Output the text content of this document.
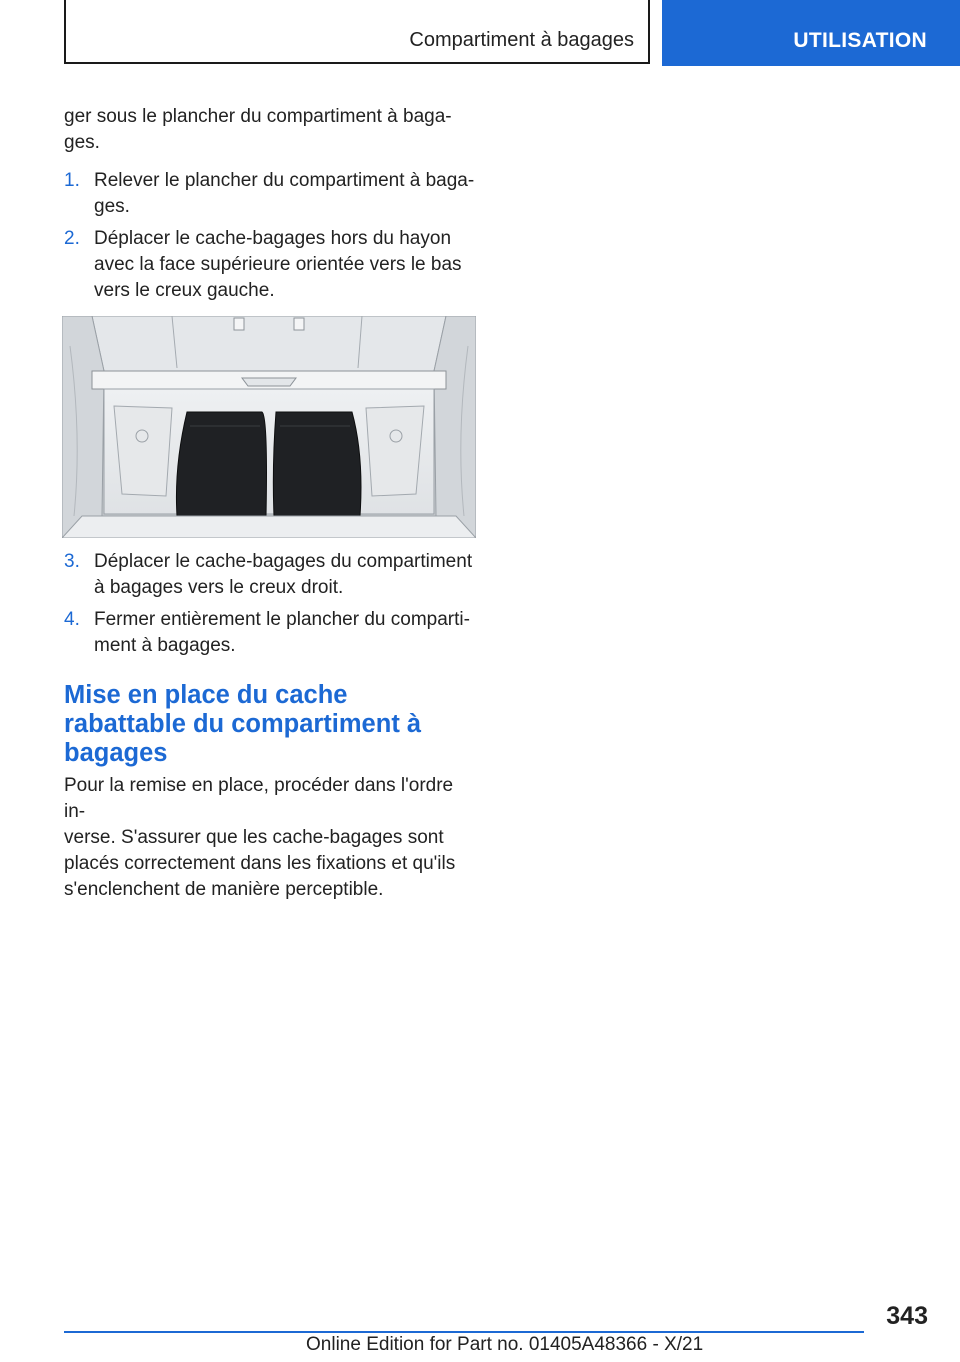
Compartiment à bagages	UTILISATION

ger sous le plancher du compartiment à baga-
ges.

1. Relever le plancher du compartiment à baga-
ges.
2. Déplacer le cache-bagages hors du hayon
avec la face supérieure orientée vers le bas
vers le creux gauche.
3. Déplacer le cache-bagages du compartiment
à bagages vers le creux droit.
4. Fermer entièrement le plancher du comparti-
ment à bagages.
Mise en place du cache
rabattable du compartiment à
bagages

Pour la remise en place, procéder dans l'ordre in-
verse. S'assurer que les cache-bagages sont
placés correctement dans les fixations et qu'ils
s'enclenchent de manière perceptible.

343
Online Edition for Part no. 01405A48366 - X/21
